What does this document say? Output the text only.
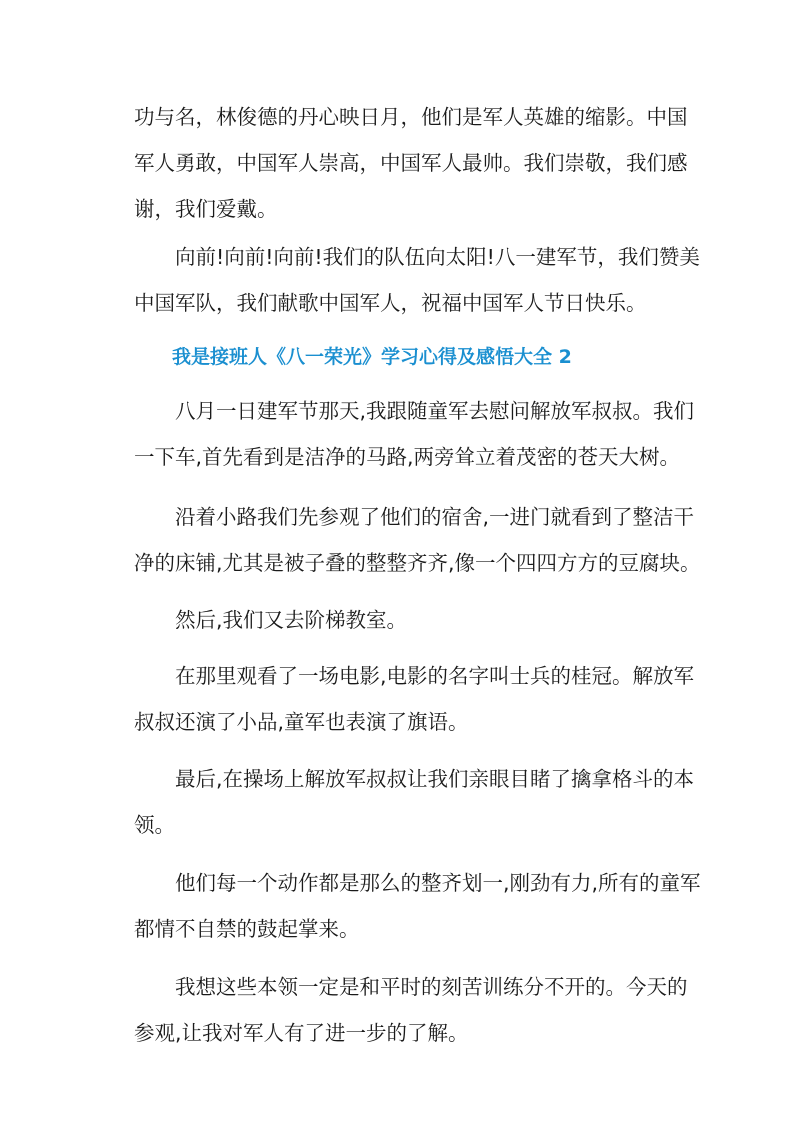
功与名，林俊德的丹心映日月，他们是军人英雄的缩影。中国
军人勇敢，中国军人崇高，中国军人最帅。我们崇敬，我们感
谢，我们爱戴。
　　向前!向前!向前!我们的队伍向太阳!八一建军节，我们赞美
中国军队，我们献歌中国军人，祝福中国军人节日快乐。
　　我是接班人《八一荣光》学习心得及感悟大全 2
　　八月一日建军节那天,我跟随童军去慰问解放军叔叔。我们
一下车,首先看到是洁净的马路,两旁耸立着茂密的苍天大树。
　　沿着小路我们先参观了他们的宿舍,一进门就看到了整洁干
净的床铺,尤其是被子叠的整整齐齐,像一个四四方方的豆腐块。
　　然后,我们又去阶梯教室。
　　在那里观看了一场电影,电影的名字叫士兵的桂冠。解放军
叔叔还演了小品,童军也表演了旗语。
　　最后,在操场上解放军叔叔让我们亲眼目睹了擒拿格斗的本
领。
　　他们每一个动作都是那么的整齐划一,刚劲有力,所有的童军
都情不自禁的鼓起掌来。
　　我想这些本领一定是和平时的刻苦训练分不开的。今天的
参观,让我对军人有了进一步的了解。
